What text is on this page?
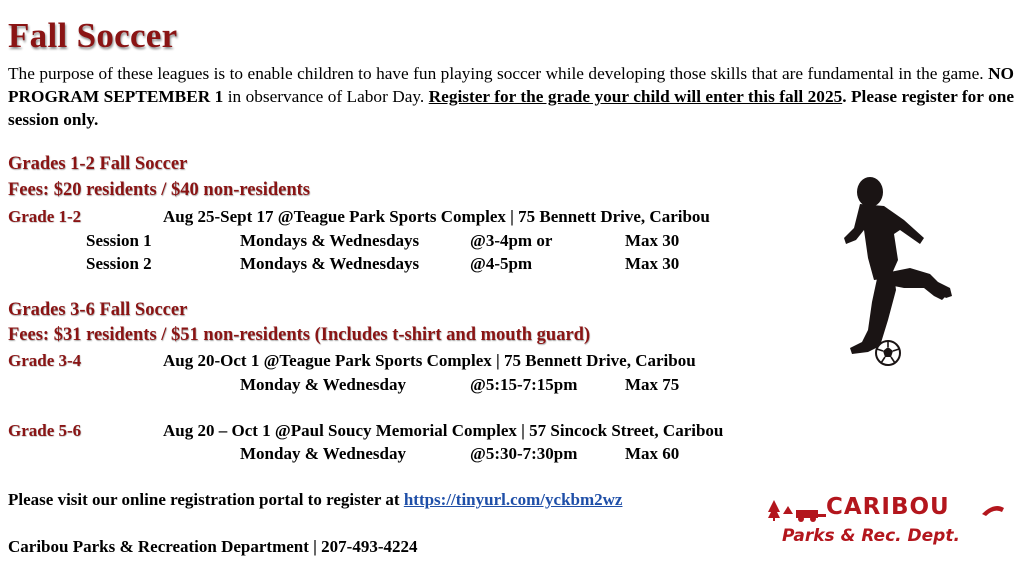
Fall Soccer
The purpose of these leagues is to enable children to have fun playing soccer while developing those skills that are fundamental in the game. NO PROGRAM SEPTEMBER 1 in observance of Labor Day. Register for the grade your child will enter this fall 2025. Please register for one session only.
Grades 1-2 Fall Soccer
Fees: $20 residents / $40 non-residents
Grade 1-2	Aug 25-Sept 17 @Teague Park Sports Complex | 75 Bennett Drive, Caribou
Session 1	Mondays & Wednesdays	@3-4pm or	Max 30
Session 2	Mondays & Wednesdays	@4-5pm	Max 30
Grades 3-6 Fall Soccer
Fees: $31 residents / $51 non-residents (Includes t-shirt and mouth guard)
Grade 3-4	Aug 20-Oct 1 @Teague Park Sports Complex | 75 Bennett Drive, Caribou
Monday & Wednesday	@5:15-7:15pm	Max 75
Grade 5-6	Aug 20 – Oct 1 @Paul Soucy Memorial Complex | 57 Sincock Street, Caribou
Monday & Wednesday	@5:30-7:30pm	Max 60
Please visit our online registration portal to register at https://tinyurl.com/yckbm2wz
Caribou Parks & Recreation Department | 207-493-4224
CARIBOU
Parks & Rec. Dept.
